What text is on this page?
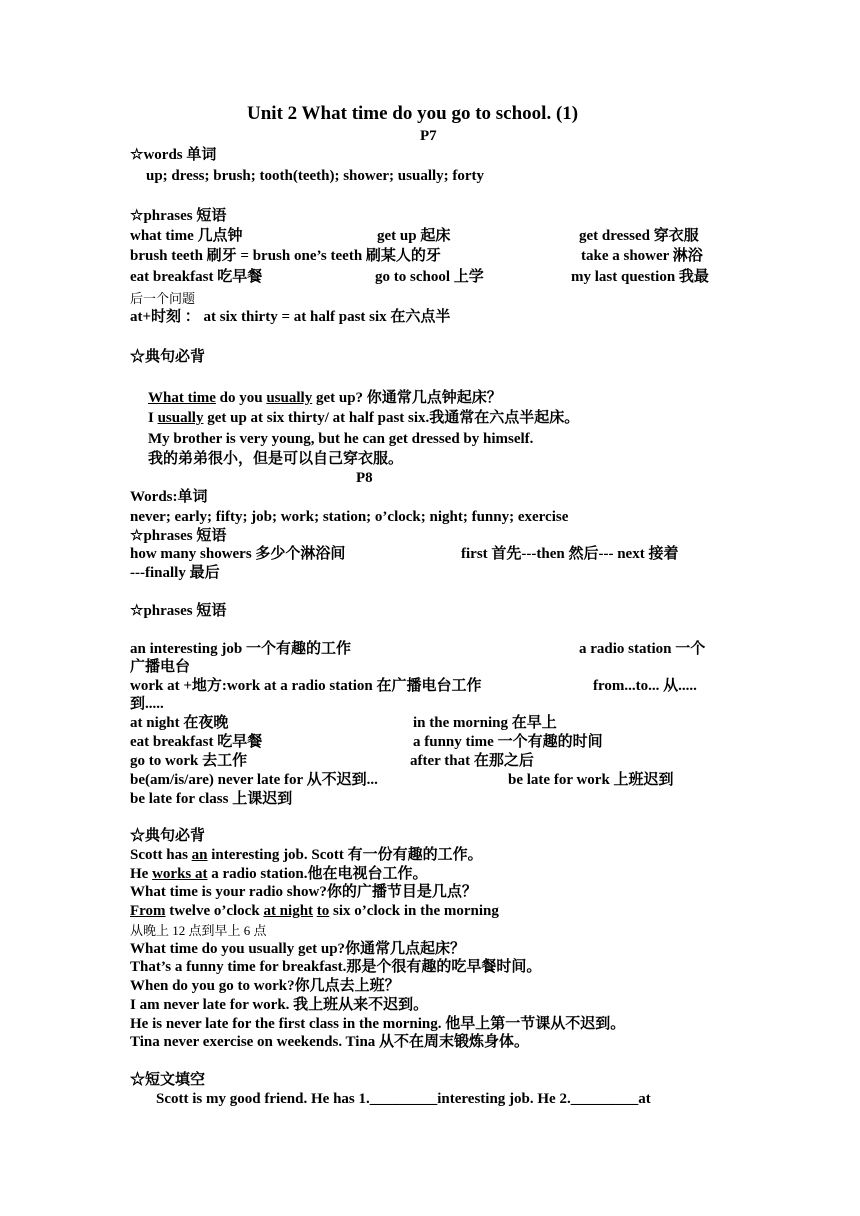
Unit 2 What time do you go to school. (1)
P7
☆words 单词
up; dress; brush; tooth(teeth); shower; usually; forty
☆phrases 短语
what time 几点钟	get up 起床	get dressed 穿衣服
brush teeth 刷牙 = brush one’s teeth 刷某人的牙	take a shower 淋浴
eat breakfast 吃早餐	go to school 上学	my last question 我最
后一个问题
at+时刻 ： at six thirty = at half past six 在六点半
☆典句必背
What time do you usually get up? 你通常几点钟起床？
I usually get up at six thirty/ at half past six.我通常在六点半起床。
My brother is very young, but he can get dressed by himself.
我的弟弟很小，但是可以自己穿衣服。
P8
Words:单词
never; early; fifty; job; work; station; o’clock; night; funny; exercise
☆phrases 短语
how many showers 多少个淋浴间	first 首先---then 然后--- next 接着
---finally 最后
☆phrases 短语
an interesting job 一个有趣的工作	a radio station 一个
广播电台
work at +地方:work at a radio station 在广播电台工作	from...to... 从.....
到.....
at night 在夜晚	in the morning 在早上
eat breakfast 吃早餐	a funny time 一个有趣的时间
go to work 去工作	after that 在那之后
be(am/is/are) never late for 从不迟到...	be late for work 上班迟到
be late for class 上课迟到
☆典句必背
Scott has an interesting job. Scott 有一份有趣的工作。
He works at a radio station.他在电视台工作。
What time is your radio show?你的广播节目是几点？
From twelve o’clock at night to six o’clock in the morning
从晚上 12 点到早上 6 点
What time do you usually get up?你通常几点起床？
That’s a funny time for breakfast.那是个很有趣的吃早餐时间。
When do you go to work?你几点去上班？
I am never late for work. 我上班从来不迟到。
He is never late for the first class in the morning. 他早上第一节课从不迟到。
Tina never exercise on weekends. Tina 从不在周末锻炼身体。
☆短文填空
Scott is my good friend. He has 1._________interesting job. He 2._________at
